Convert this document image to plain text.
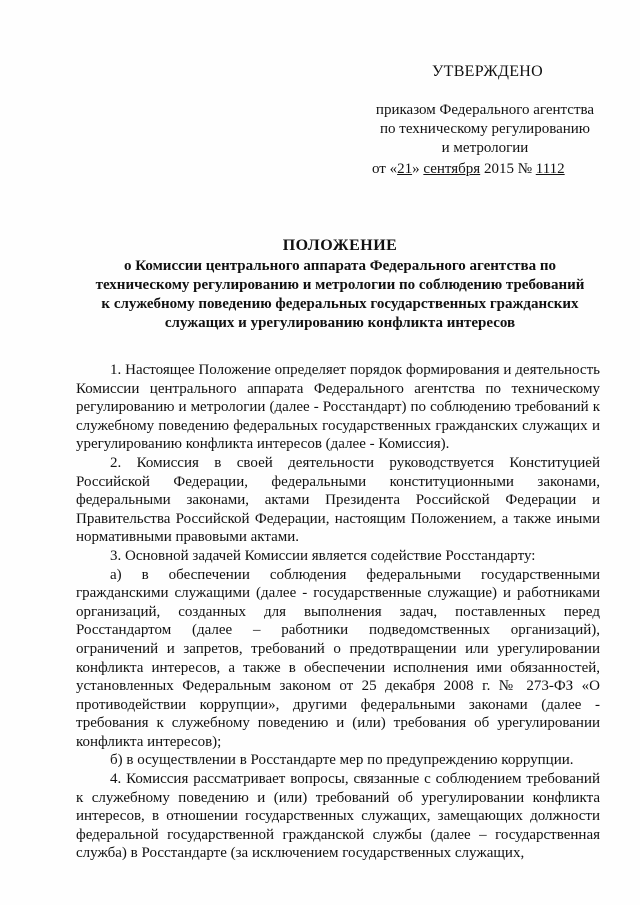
УТВЕРЖДЕНО
приказом Федерального агентства
по техническому регулированию
и метрологии
от «21» сентября 2015 № 1112
ПОЛОЖЕНИЕ
о Комиссии центрального аппарата Федерального агентства по
техническому регулированию и метрологии по соблюдению требований
к служебному поведению федеральных государственных гражданских
служащих и урегулированию конфликта интересов

1. Настоящее Положение определяет порядок формирования и деятельность Комиссии центрального аппарата Федерального агентства по техническому регулированию и метрологии (далее - Росстандарт) по соблюдению требований к служебному поведению федеральных государственных гражданских служащих и урегулированию конфликта интересов (далее - Комиссия).

2. Комиссия в своей деятельности руководствуется Конституцией Российской Федерации, федеральными конституционными законами, федеральными законами, актами Президента Российской Федерации и Правительства Российской Федерации, настоящим Положением, а также иными нормативными правовыми актами.

3. Основной задачей Комиссии является содействие Росстандарту:

а) в обеспечении соблюдения федеральными государственными гражданскими служащими (далее - государственные служащие) и работниками организаций, созданных для выполнения задач, поставленных перед Росстандартом (далее – работники подведомственных организаций), ограничений и запретов, требований о предотвращении или урегулировании конфликта интересов, а также в обеспечении исполнения ими обязанностей, установленных Федеральным законом от 25 декабря 2008 г. № 273-ФЗ «О противодействии коррупции», другими федеральными законами (далее - требования к служебному поведению и (или) требования об урегулировании конфликта интересов);

б) в осуществлении в Росстандарте мер по предупреждению коррупции.

4. Комиссия рассматривает вопросы, связанные с соблюдением требований к служебному поведению и (или) требований об урегулировании конфликта интересов, в отношении государственных служащих, замещающих должности федеральной государственной гражданской службы (далее – государственная служба) в Росстандарте (за исключением государственных служащих,
